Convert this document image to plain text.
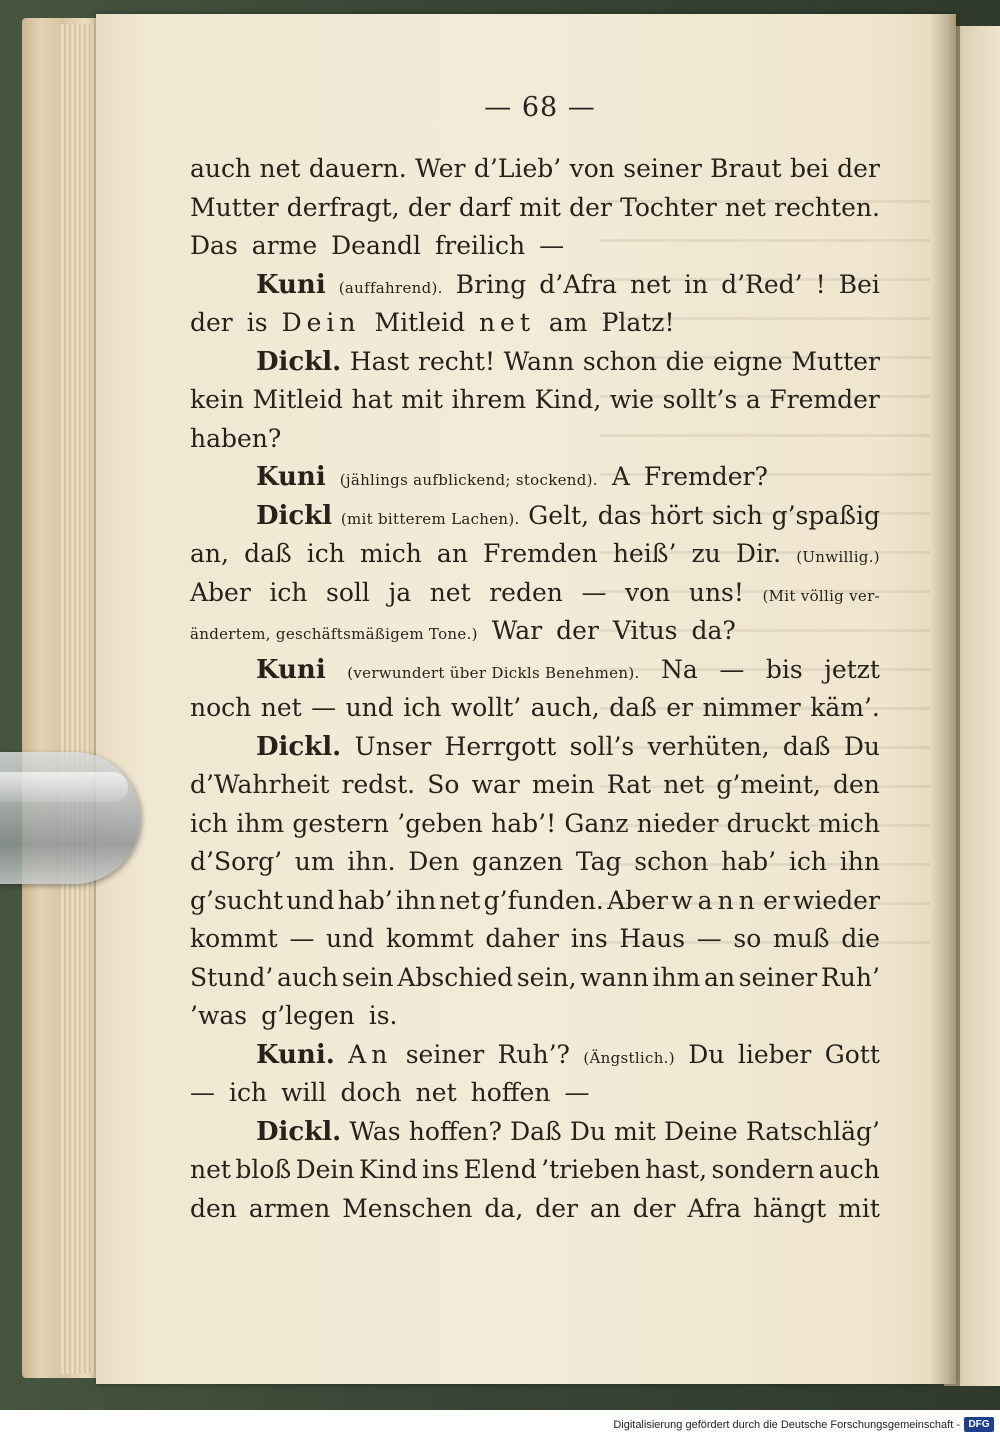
— 68 —
auch net dauern. Wer d’Lieb’ von seiner Braut bei der
Mutter derfragt, der darf mit der Tochter net rechten.
Das arme Deandl freilich —
Kuni (auffahrend). Bring d’Afra net in d’Red’ ! Bei
der is Dein Mitleid net am Platz!
Dickl. Hast recht! Wann schon die eigne Mutter
kein Mitleid hat mit ihrem Kind, wie sollt’s a Fremder
haben?
Kuni (jählings aufblickend; stockend). A Fremder?
Dickl (mit bitterem Lachen). Gelt, das hört sich g’spaßig
an, daß ich mich an Fremden heiß’ zu Dir. (Unwillig.)
Aber ich soll ja net reden — von uns! (Mit völlig ver-
ändertem, geschäftsmäßigem Tone.) War der Vitus da?
Kuni (verwundert über Dickls Benehmen). Na — bis jetzt
noch net — und ich wollt’ auch, daß er nimmer käm’.
Dickl. Unser Herrgott soll’s verhüten, daß Du
d’Wahrheit redst. So war mein Rat net g’meint, den
ich ihm gestern ’geben hab’! Ganz nieder druckt mich
d’Sorg’ um ihn. Den ganzen Tag schon hab’ ich ihn
g’sucht und hab’ ihn net g’funden. Aber wann er wieder
kommt — und kommt daher ins Haus — so muß die
Stund’ auch sein Abschied sein, wann ihm an seiner Ruh’
’was g’legen is.
Kuni. An seiner Ruh’? (Ängstlich.) Du lieber Gott
— ich will doch net hoffen —
Dickl. Was hoffen? Daß Du mit Deine Ratschläg’
net bloß Dein Kind ins Elend ’trieben hast, sondern auch
den armen Menschen da, der an der Afra hängt mit
Digitalisierung gefördert durch die Deutsche Forschungsgemeinschaft - DFG
